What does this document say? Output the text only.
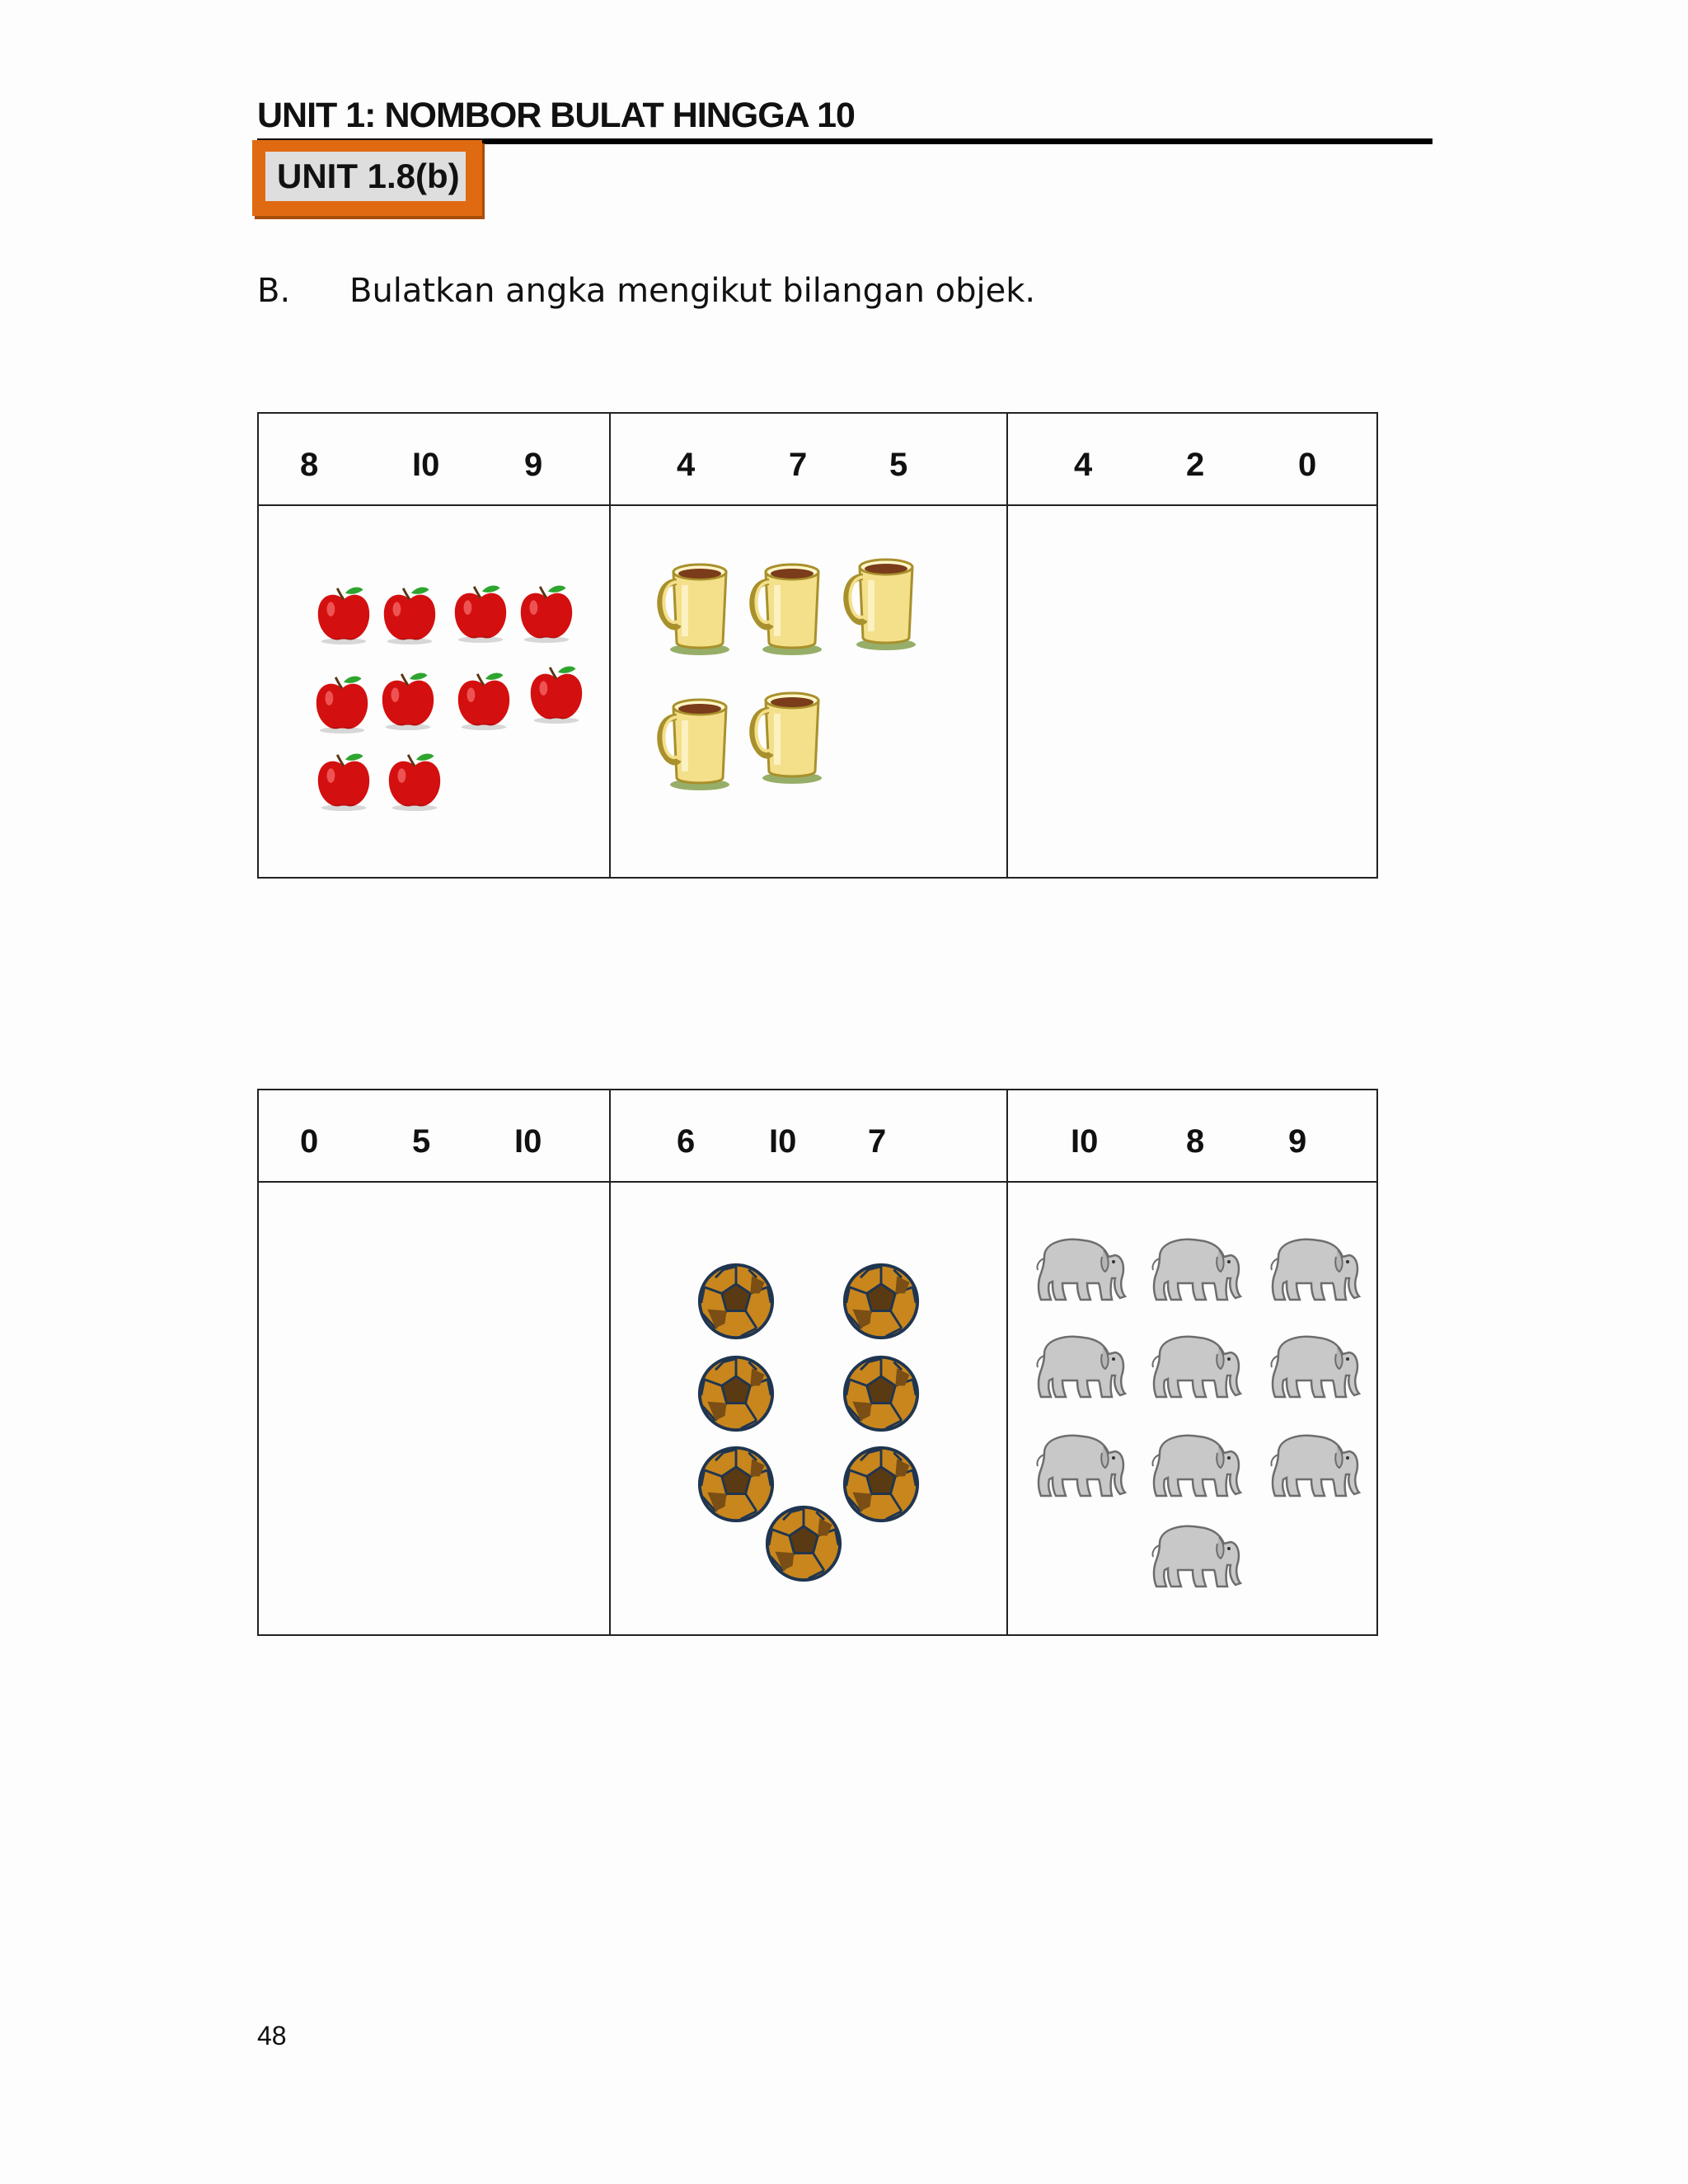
UNIT 1: NOMBOR BULAT HINGGA 10
UNIT 1.8(b)
B. Bulatkan angka mengikut bilangan objek.
8 I0 9	4 7 5	4 2 0

0 5 I0	6 I0 7	I0 8 9

48
